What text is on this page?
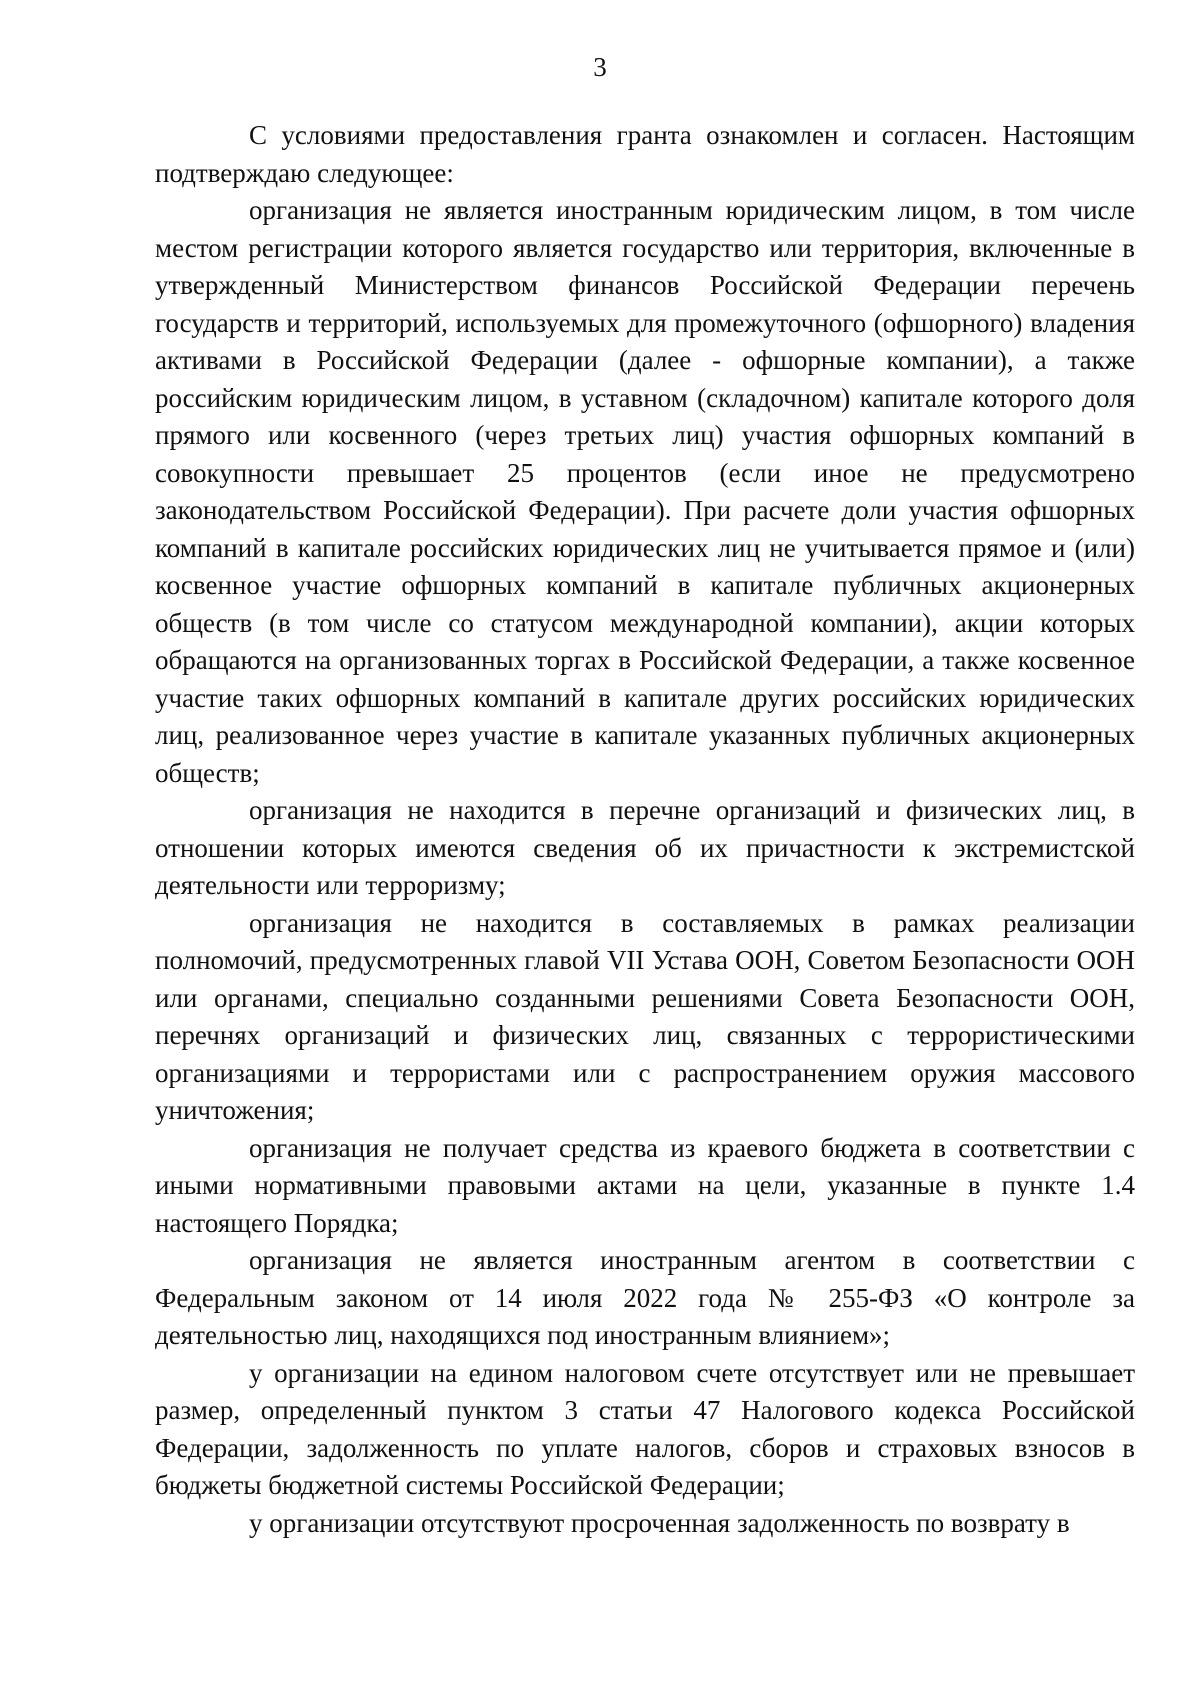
3

С условиями предоставления гранта ознакомлен и согласен. Настоящим подтверждаю следующее:

организация не является иностранным юридическим лицом, в том числе местом регистрации которого является государство или территория, включенные в утвержденный Министерством финансов Российской Федерации перечень государств и территорий, используемых для промежуточного (офшорного) владения активами в Российской Федерации (далее - офшорные компании), а также российским юридическим лицом, в уставном (складочном) капитале которого доля прямого или косвенного (через третьих лиц) участия офшорных компаний в совокупности превышает 25 процентов (если иное не предусмотрено законодательством Российской Федерации). При расчете доли участия офшорных компаний в капитале российских юридических лиц не учитывается прямое и (или) косвенное участие офшорных компаний в капитале публичных акционерных обществ (в том числе со статусом международной компании), акции которых обращаются на организованных торгах в Российской Федерации, а также косвенное участие таких офшорных компаний в капитале других российских юридических лиц, реализованное через участие в капитале указанных публичных акционерных обществ;

организация не находится в перечне организаций и физических лиц, в отношении которых имеются сведения об их причастности к экстремистской деятельности или терроризму;

организация не находится в составляемых в рамках реализации полномочий, предусмотренных главой VII Устава ООН, Советом Безопасности ООН или органами, специально созданными решениями Совета Безопасности ООН, перечнях организаций и физических лиц, связанных с террористическими организациями и террористами или с распространением оружия массового уничтожения;

организация не получает средства из краевого бюджета в соответствии с иными нормативными правовыми актами на цели, указанные в пункте 1.4 настоящего Порядка;

организация не является иностранным агентом в соответствии с Федеральным законом от 14 июля 2022 года № 255-ФЗ «О контроле за деятельностью лиц, находящихся под иностранным влиянием»;

у организации на едином налоговом счете отсутствует или не превышает размер, определенный пунктом 3 статьи 47 Налогового кодекса Российской Федерации, задолженность по уплате налогов, сборов и страховых взносов в бюджеты бюджетной системы Российской Федерации;

у организации отсутствуют просроченная задолженность по возврату в
